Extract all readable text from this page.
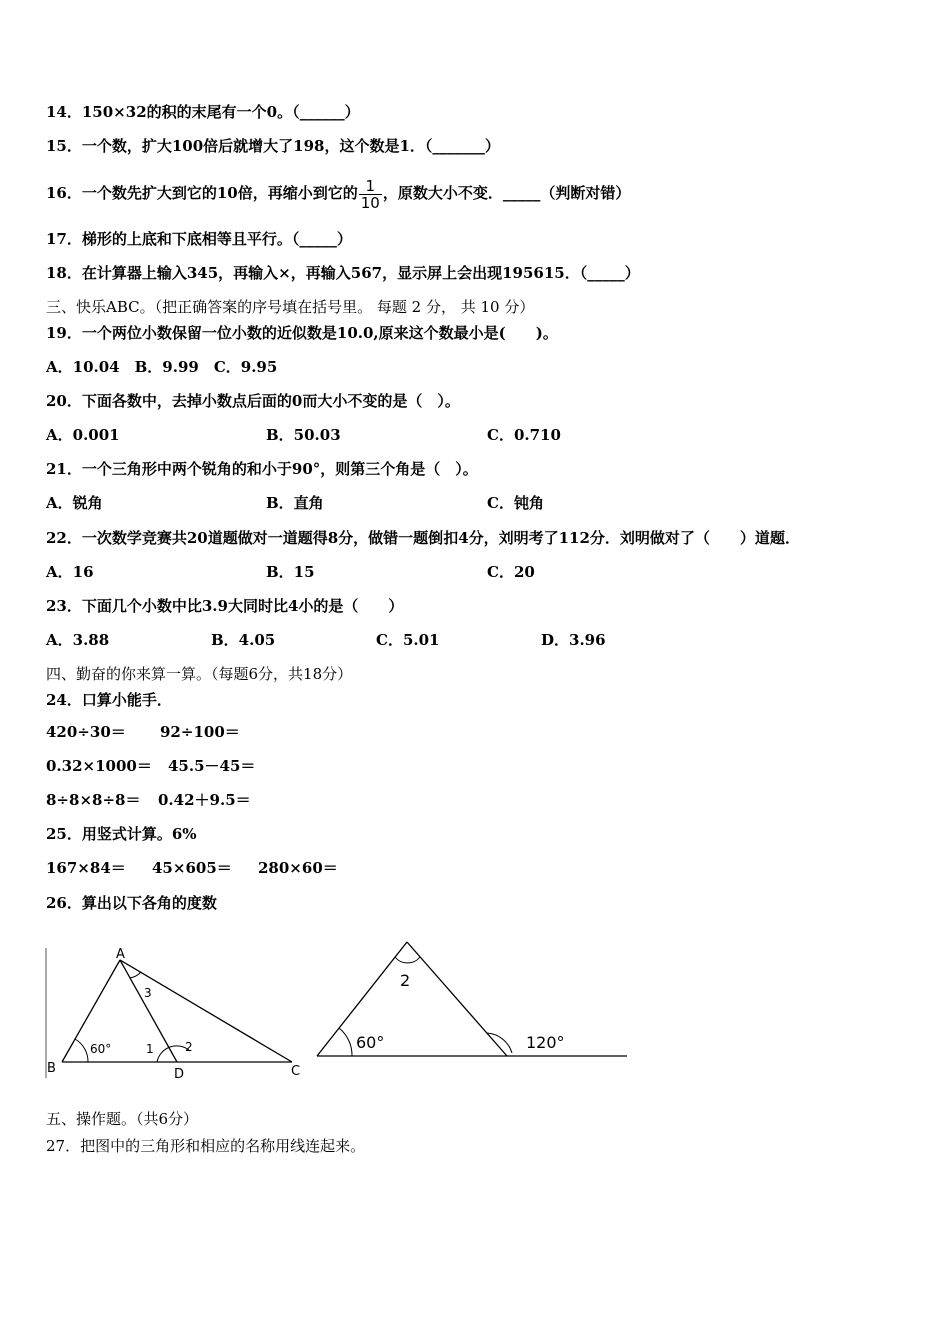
14．150×32的积的末尾有一个0。（______）
15．一个数，扩大100倍后就增大了198，这个数是1．（_______）
16．一个数先扩大到它的10倍，再缩小到它的 $\frac{1}{10}$ ，原数大小不变．_____（判断对错）
17．梯形的上底和下底相等且平行。（_____）
18．在计算器上输入345，再输入×，再输入567，显示屏上会出现195615．（_____）
三、快乐ABC。（把正确答案的序号填在括号里。 每题 2 分， 共 10 分）
19．一个两位小数保留一位小数的近似数是10.0,原来这个数最小是(　　)。
A．10.04　B．9.99　C．9.95
20．下面各数中，去掉小数点后面的0而大小不变的是（　）。
A．0.001	B．50.03	C．0.710
21．一个三角形中两个锐角的和小于90°，则第三个角是（　）。
A．锐角	B．直角	C．钝角
22．一次数学竞赛共20道题做对一道题得8分，做错一题倒扣4分，刘明考了112分．刘明做对了（　　）道题．
A．16	B．15	C．20
23．下面几个小数中比3.9大同时比4小的是（　　）
A．3.88	B．4.05	C．5.01	D．3.96
四、勤奋的你来算一算。（每题6分，共18分）
24．口算小能手．
420÷30＝ 92÷100＝
0.32×1000＝ 45.5－45＝
8÷8×8÷8＝ 0.42＋9.5＝
25．用竖式计算。6%
167×84＝ 45×605＝ 280×60＝
26．算出以下各角的度数
A
B	C
D
60°	1	2
3
2
60°	120°
五、操作题。（共6分）
27．把图中的三角形和相应的名称用线连起来。
